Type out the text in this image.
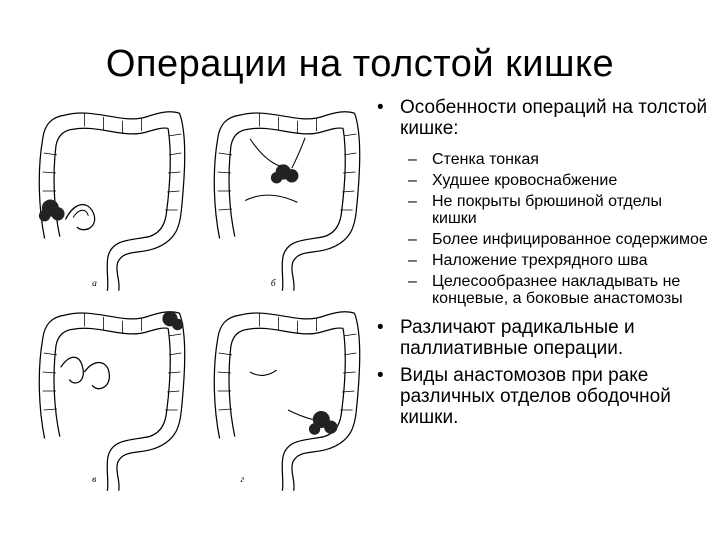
Операции на толстой кишке
а	б
в	г
• Особенности операций на толстой кишке:
– Стенка тонкая
– Худшее кровоснабжение
– Не покрыты брюшиной отделы кишки
– Более инфицированное содержимое
– Наложение трехрядного шва
– Целесообразнее накладывать не концевые, а боковые анастомозы
• Различают радикальные и паллиативные операции.
• Виды анастомозов при раке различных отделов ободочной кишки.
